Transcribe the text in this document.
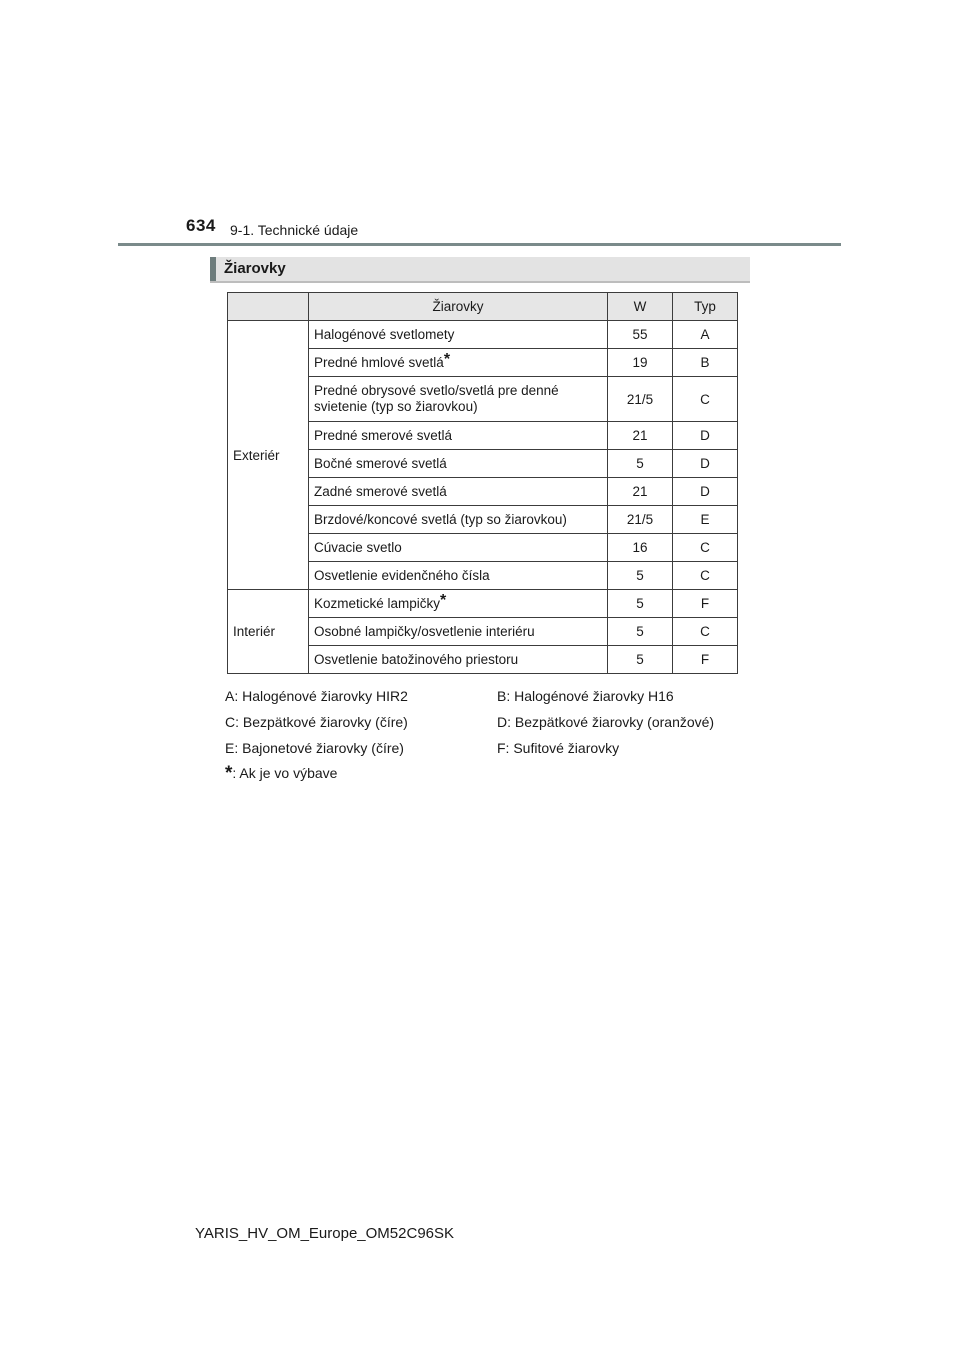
634 9-1. Technické údaje
Žiarovky
	Žiarovky	W	Typ
Exteriér	Halogénové svetlomety	55	A
	Predné hmlové svetlá*	19	B
	Predné obrysové svetlo/svetlá pre denné svietenie (typ so žiarovkou)	21/5	C
	Predné smerové svetlá	21	D
	Bočné smerové svetlá	5	D
	Zadné smerové svetlá	21	D
	Brzdové/koncové svetlá (typ so žiarovkou)	21/5	E
	Cúvacie svetlo	16	C
	Osvetlenie evidenčného čísla	5	C
Interiér	Kozmetické lampičky*	5	F
	Osobné lampičky/osvetlenie interiéru	5	C
	Osvetlenie batožinového priestoru	5	F
A: Halogénové žiarovky HIR2	B: Halogénové žiarovky H16
C: Bezpätkové žiarovky (číre)	D: Bezpätkové žiarovky (oranžové)
E: Bajonetové žiarovky (číre)	F: Sufitové žiarovky
*: Ak je vo výbave
YARIS_HV_OM_Europe_OM52C96SK
